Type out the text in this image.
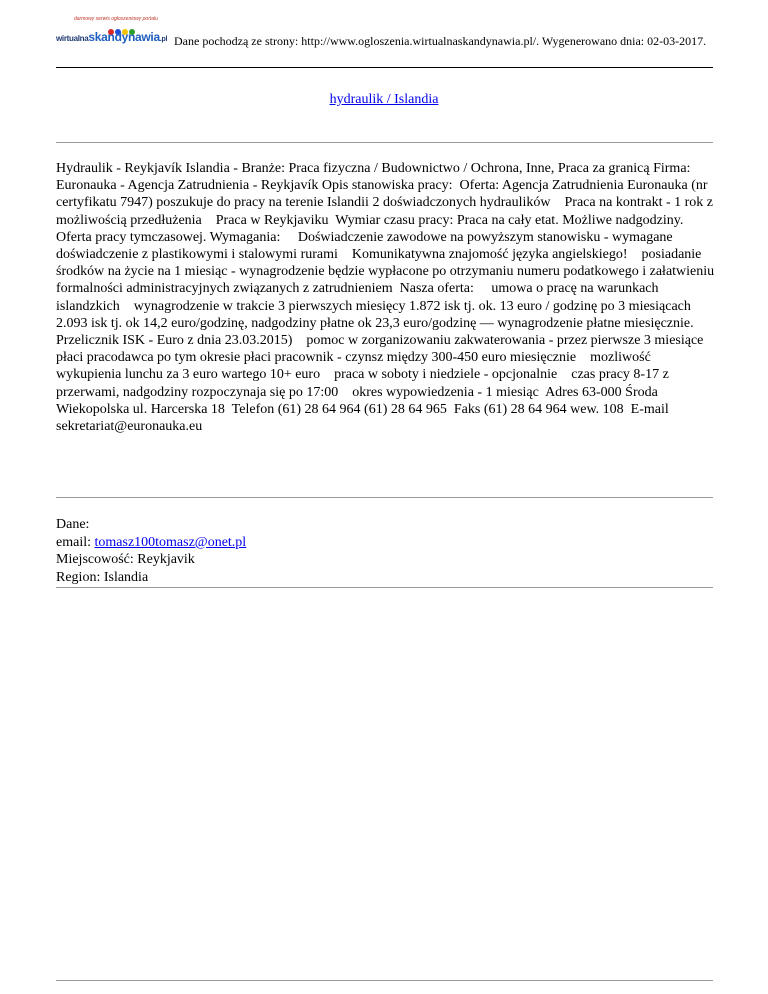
darmowy serwis ogłoszeniowy portalu
wirtualnaskandynawia.pl Dane pochodzą ze strony: http://www.ogloszenia.wirtualnaskandynawia.pl/. Wygenerowano dnia: 02-03-2017.
hydraulik / Islandia
Hydraulik - Reykjavík Islandia - Branże: Praca fizyczna / Budownictwo / Ochrona, Inne, Praca za granicą Firma: Euronauka - Agencja Zatrudnienia - Reykjavík Opis stanowiska pracy:  Oferta: Agencja Zatrudnienia Euronauka (nr certyfikatu 7947) poszukuje do pracy na terenie Islandii 2 doświadczonych hydraulików    Praca na kontrakt - 1 rok z możliwością przedłużenia    Praca w Reykjaviku  Wymiar czasu pracy: Praca na cały etat. Możliwe nadgodziny. Oferta pracy tymczasowej. Wymagania:     Doświadczenie zawodowe na powyższym stanowisku - wymagane doświadczenie z plastikowymi i stalowymi rurami    Komunikatywna znajomość języka angielskiego!    posiadanie środków na życie na 1 miesiąc - wynagrodzenie będzie wypłacone po otrzymaniu numeru podatkowego i załatwieniu formalności administracyjnych związanych z zatrudnieniem  Nasza oferta:     umowa o pracę na warunkach islandzkich    wynagrodzenie w trakcie 3 pierwszych miesięcy 1.872 isk tj. ok. 13 euro / godzinę po 3 miesiącach 2.093 isk tj. ok 14,2 euro/godzinę, nadgodziny płatne ok 23,3 euro/godzinę — wynagrodzenie płatne miesięcznie. Przelicznik ISK - Euro z dnia 23.03.2015)    pomoc w zorganizowaniu zakwaterowania - przez pierwsze 3 miesiące płaci pracodawca po tym okresie płaci pracownik - czynsz między 300-450 euro miesięcznie    mozliwość wykupienia lunchu za 3 euro wartego 10+ euro    praca w soboty i niedziele - opcjonalnie    czas pracy 8-17 z przerwami, nadgodziny rozpoczynaja się po 17:00    okres wypowiedzenia - 1 miesiąc  Adres 63-000 Środa Wiekopolska ul. Harcerska 18  Telefon (61) 28 64 964 (61) 28 64 965  Faks (61) 28 64 964 wew. 108  E-mail sekretariat@euronauka.eu
Dane:
email: tomasz100tomasz@onet.pl
Miejscowość: Reykjavik
Region: Islandia
